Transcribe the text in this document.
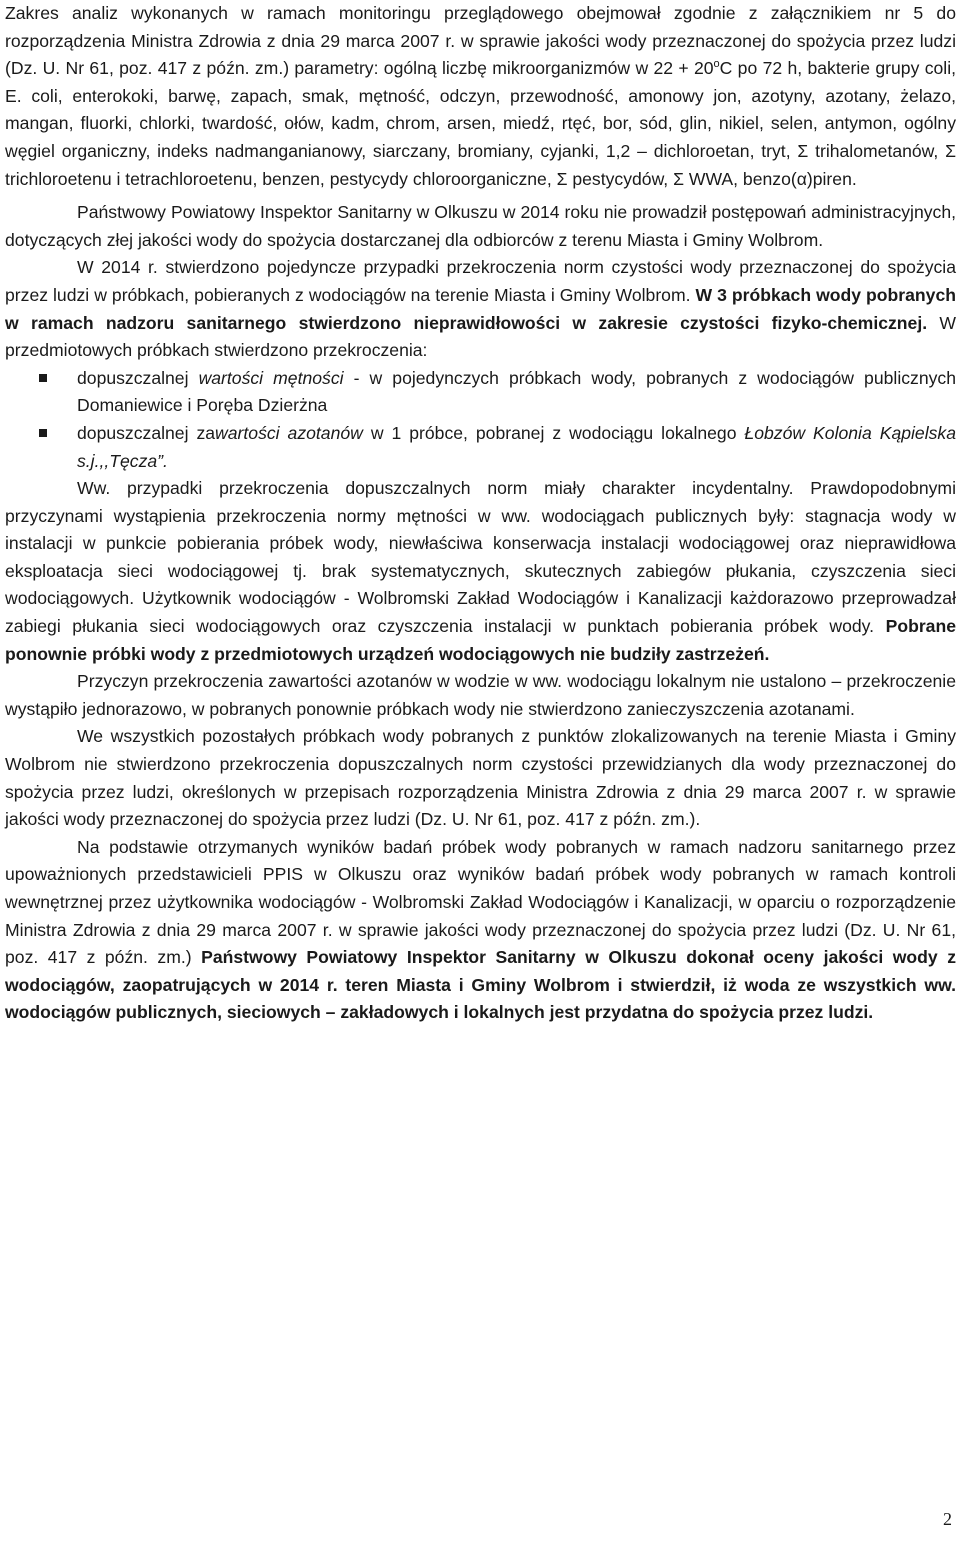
Zakres analiz wykonanych w ramach monitoringu przeglądowego obejmował zgodnie z załącznikiem nr 5 do rozporządzenia Ministra Zdrowia z dnia 29 marca 2007 r. w sprawie jakości wody przeznaczonej do spożycia przez ludzi (Dz. U. Nr 61, poz. 417 z późn. zm.) parametry: ogólną liczbę mikroorganizmów w $22 + 20^oC$ po 72 h, bakterie grupy coli, E. coli, enterokoki, barwę, zapach, smak, mętność, odczyn, przewodność, amonowy jon, azotyny, azotany, żelazo, mangan, fluorki, chlorki, twardość, ołów, kadm, chrom, arsen, miedź, rtęć, bor, sód, glin, nikiel, selen, antymon, ogólny węgiel organiczny, indeks nadmanganianowy, siarczany, bromiany, cyjanki, 1,2 – dichloroetan, tryt, Σ trihalometanów, Σ trichloroetenu i tetrachloroetenu, benzen, pestycydy chloroorganiczne, Σ pestycydów, Σ WWA, benzo(α)piren.

Państwowy Powiatowy Inspektor Sanitarny w Olkuszu w 2014 roku nie prowadził postępowań administracyjnych, dotyczących złej jakości wody do spożycia dostarczanej dla odbiorców z terenu Miasta i Gminy Wolbrom.

W 2014 r. stwierdzono pojedyncze przypadki przekroczenia norm czystości wody przeznaczonej do spożycia przez ludzi w próbkach, pobieranych z wodociągów na terenie Miasta i Gminy Wolbrom. W 3 próbkach wody pobranych w ramach nadzoru sanitarnego stwierdzono nieprawidłowości w zakresie czystości fizyko-chemicznej. W przedmiotowych próbkach stwierdzono przekroczenia:

dopuszczalnej wartości mętności - w pojedynczych próbkach wody, pobranych z wodociągów publicznych Domaniewice i Poręba Dzierżna
dopuszczalnej zawartości azotanów w 1 próbce, pobranej z wodociągu lokalnego Łobzów Kolonia Kąpielska s.j.,,Tęcza”.

Ww. przypadki przekroczenia dopuszczalnych norm miały charakter incydentalny. Prawdopodobnymi przyczynami wystąpienia przekroczenia normy mętności w ww. wodociągach publicznych były: stagnacja wody w instalacji w punkcie pobierania próbek wody, niewłaściwa konserwacja instalacji wodociągowej oraz nieprawidłowa eksploatacja sieci wodociągowej tj. brak systematycznych, skutecznych zabiegów płukania, czyszczenia sieci wodociągowych. Użytkownik wodociągów - Wolbromski Zakład Wodociągów i Kanalizacji każdorazowo przeprowadzał zabiegi płukania sieci wodociągowych oraz czyszczenia instalacji w punktach pobierania próbek wody. Pobrane ponownie próbki wody z przedmiotowych urządzeń wodociągowych nie budziły zastrzeżeń.

Przyczyn przekroczenia zawartości azotanów w wodzie w ww. wodociągu lokalnym nie ustalono – przekroczenie wystąpiło jednorazowo, w pobranych ponownie próbkach wody nie stwierdzono zanieczyszczenia azotanami.

We wszystkich pozostałych próbkach wody pobranych z punktów zlokalizowanych na terenie Miasta i Gminy Wolbrom nie stwierdzono przekroczenia dopuszczalnych norm czystości przewidzianych dla wody przeznaczonej do spożycia przez ludzi, określonych w przepisach rozporządzenia Ministra Zdrowia z dnia 29 marca 2007 r. w sprawie jakości wody przeznaczonej do spożycia przez ludzi (Dz. U. Nr 61, poz. 417 z późn. zm.).

Na podstawie otrzymanych wyników badań próbek wody pobranych w ramach nadzoru sanitarnego przez upoważnionych przedstawicieli PPIS w Olkuszu oraz wyników badań próbek wody pobranych w ramach kontroli wewnętrznej przez użytkownika wodociągów - Wolbromski Zakład Wodociągów i Kanalizacji, w oparciu o rozporządzenie Ministra Zdrowia z dnia 29 marca 2007 r. w sprawie jakości wody przeznaczonej do spożycia przez ludzi (Dz. U. Nr 61, poz. 417 z późn. zm.) Państwowy Powiatowy Inspektor Sanitarny w Olkuszu dokonał oceny jakości wody z wodociągów, zaopatrujących w 2014 r. teren Miasta i Gminy Wolbrom i stwierdził, iż woda ze wszystkich ww. wodociągów publicznych, sieciowych – zakładowych i lokalnych jest przydatna do spożycia przez ludzi.

2
